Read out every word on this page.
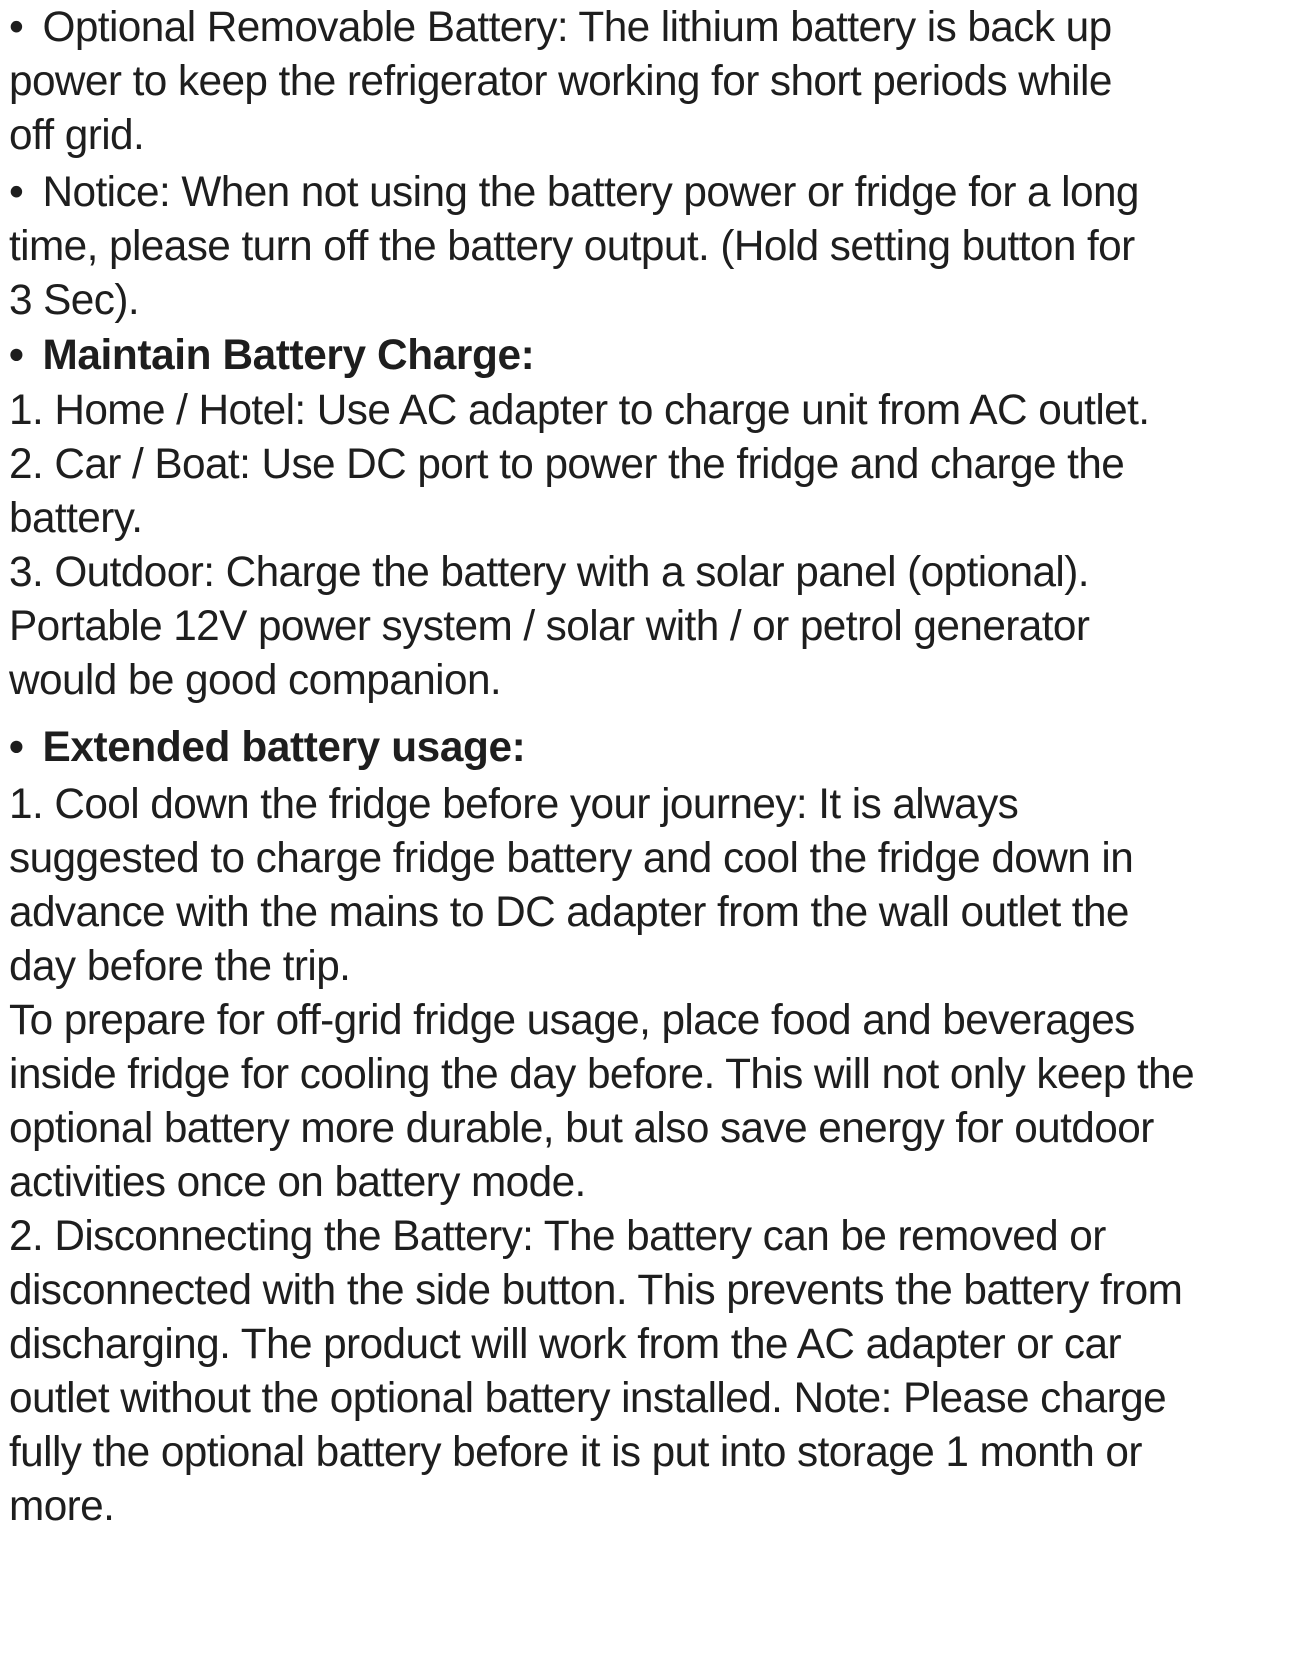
• Optional Removable Battery: The lithium battery is back up
power to keep the refrigerator working for short periods while
off grid.
• Notice: When not using the battery power or fridge for a long
time, please turn off the battery output. (Hold setting button for
3 Sec).
• Maintain Battery Charge:
1. Home / Hotel: Use AC adapter to charge unit from AC outlet.
2. Car / Boat: Use DC port to power the fridge and charge the
battery.
3. Outdoor: Charge the battery with a solar panel (optional).
Portable 12V power system / solar with / or petrol generator
would be good companion.
• Extended battery usage:
1. Cool down the fridge before your journey: It is always
suggested to charge fridge battery and cool the fridge down in
advance with the mains to DC adapter from the wall outlet the
day before the trip.
To prepare for off-grid fridge usage, place food and beverages
inside fridge for cooling the day before. This will not only keep the
optional battery more durable, but also save energy for outdoor
activities once on battery mode.
2. Disconnecting the Battery: The battery can be removed or
disconnected with the side button. This prevents the battery from
discharging. The product will work from the AC adapter or car
outlet without the optional battery installed. Note: Please charge
fully the optional battery before it is put into storage 1 month or
more.
